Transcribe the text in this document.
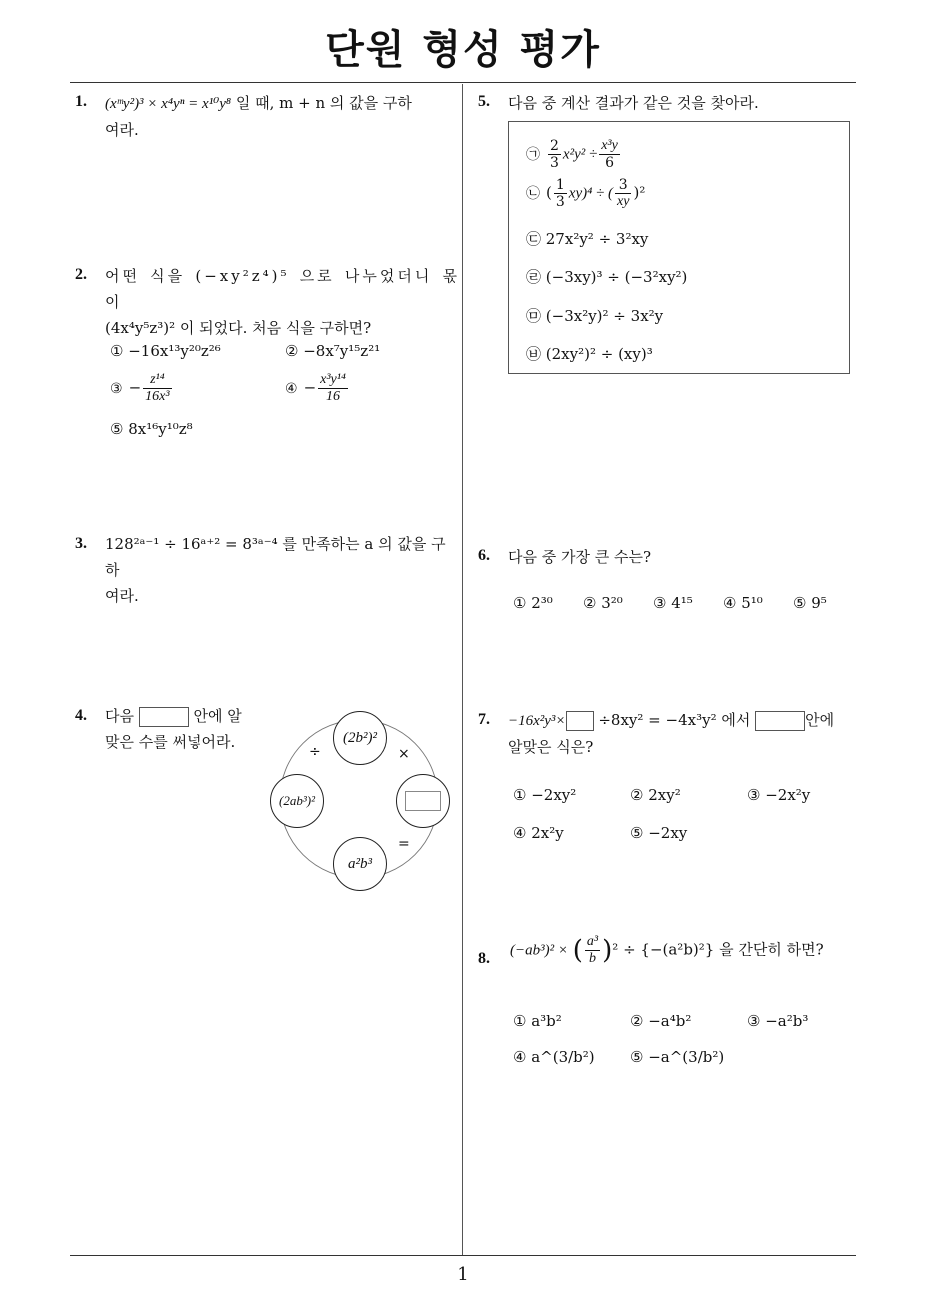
단원 형성 평가
1
1. (xᵐy²)³ × x⁴yⁿ = x¹⁰y⁸ 일 때, m + n 의 값을 구하
여라.
2. 어떤 식을 (−xy²z⁴)⁵ 으로 나누었더니 몫이
(4x⁴y⁵z³)² 이 되었다. 처음 식을 구하면?
① −16x¹³y²⁰z²⁶	② −8x⁷y¹⁵z²¹
③ − $\frac{\text{z¹⁴}}{\text{16x³}}$	④ − $\frac{\text{x³y¹⁴}}{16}$
⑤ 8x¹⁶y¹⁰z⁸
3. 128²ᵃ⁻¹ ÷ 16ᵃ⁺² = 8³ᵃ⁻⁴ 를 만족하는 a 의 값을 구하
여라.
4. 다음	안에 알
맞은 수를 써넣어라.	(2b²)²
(2ab³)²
a²b³
÷	×
=
5. 다음 중 계산 결과가 같은 것을 찾아라.
㉠ $\frac{2}{3} x^2y^2 \div \frac{\text{x³y}}{6}$
㉡ ( $\frac{1}{3} xy)^4$ ÷ ( $\frac{3}{xy} )^2$
㉢ 27x²y² ÷ 3²xy
㉣ (−3xy)³ ÷ (−3²xy²)
㉤ (−3x²y)² ÷ 3x²y
㉥ (2xy²)² ÷ (xy)³
6. 다음 중 가장 큰 수는?
① 2³⁰ ② 3²⁰ ③ 4¹⁵ ④ 5¹⁰ ⑤ 9⁵
7. −16x²y³× ÷8xy² = −4x³y² 에서	안에
알맞은 식은?
① −2xy²	② 2xy²	③ −2x²y
④ 2x²y	⑤ −2xy
8. (−ab³)² × ( $\frac{\text{a³}}{b} )^2 \div \{-(a^2b)^2\}$ 을 간단히 하면?
① a³b²	② −a⁴b²	③ −a²b³
④ a^(3/b²) ⑤ −a^(3/b²)
